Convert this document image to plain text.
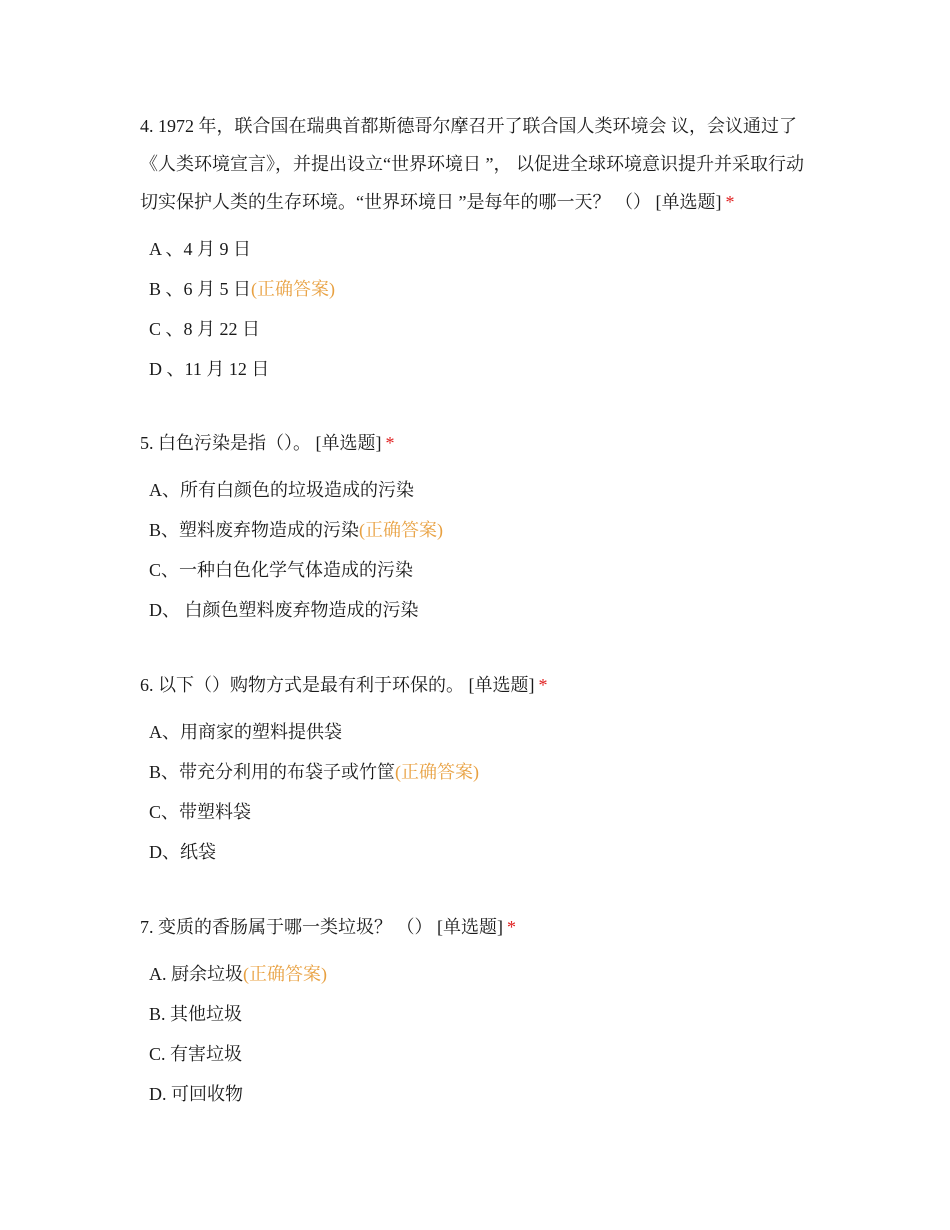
4. 1972 年，联合国在瑞典首都斯德哥尔摩召开了联合国人类环境会 议，会议通过了《人类环境宣言》，并提出设立“世界环境日 ”， 以促进全球环境意识提升并采取行动切实保护人类的生存环境。“世界环境日 ”是每年的哪一天？ （） [单选题] *

A 、4 月 9 日
B 、6 月 5 日(正确答案)
C 、8 月 22 日
D 、11 月 12 日

5. 白色污染是指（）。 [单选题] *

A、所有白颜色的垃圾造成的污染
B、塑料废弃物造成的污染(正确答案)
C、一种白色化学气体造成的污染
D、 白颜色塑料废弃物造成的污染

6. 以下（）购物方式是最有利于环保的。 [单选题] *

A、用商家的塑料提供袋
B、带充分利用的布袋子或竹筐(正确答案)
C、带塑料袋
D、纸袋

7. 变质的香肠属于哪一类垃圾？ （） [单选题] *

A. 厨余垃圾(正确答案)
B. 其他垃圾
C. 有害垃圾
D. 可回收物
